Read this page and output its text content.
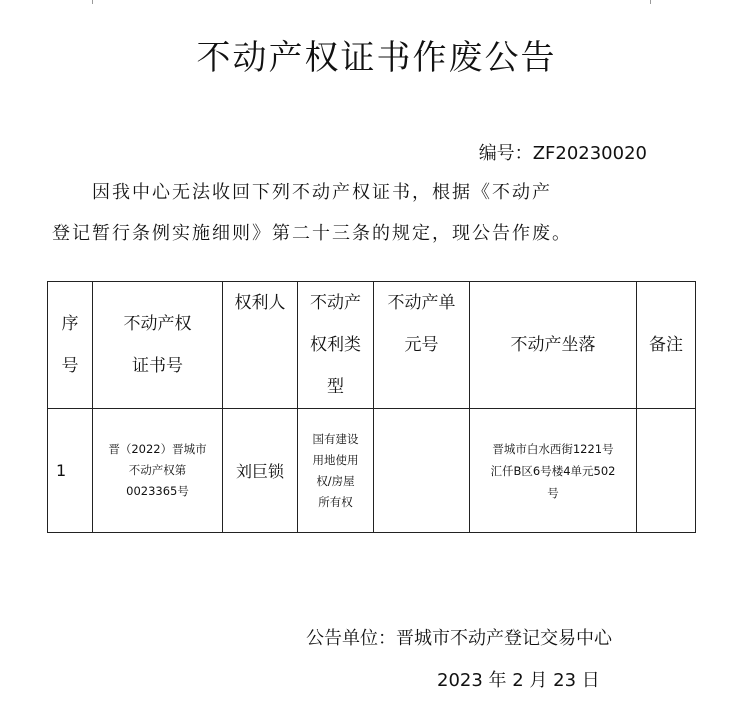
不动产权证书作废公告
编号：ZF20230020
因我中心无法收回下列不动产权证书，根据《不动产
登记暂行条例实施细则》第二十三条的规定，现公告作废。
序
号	不动产权
证书号	权利人	不动产
权利类
型	不动产单
元号	不动产坐落	备注
1	晋（2022）晋城市
不动产权第
0023365号	刘巨锁	国有建设
用地使用
权/房屋
所有权		晋城市白水西街1221号
汇仟B区6号楼4单元502
号	
公告单位：晋城市不动产登记交易中心
2023 年 2 月 23 日
